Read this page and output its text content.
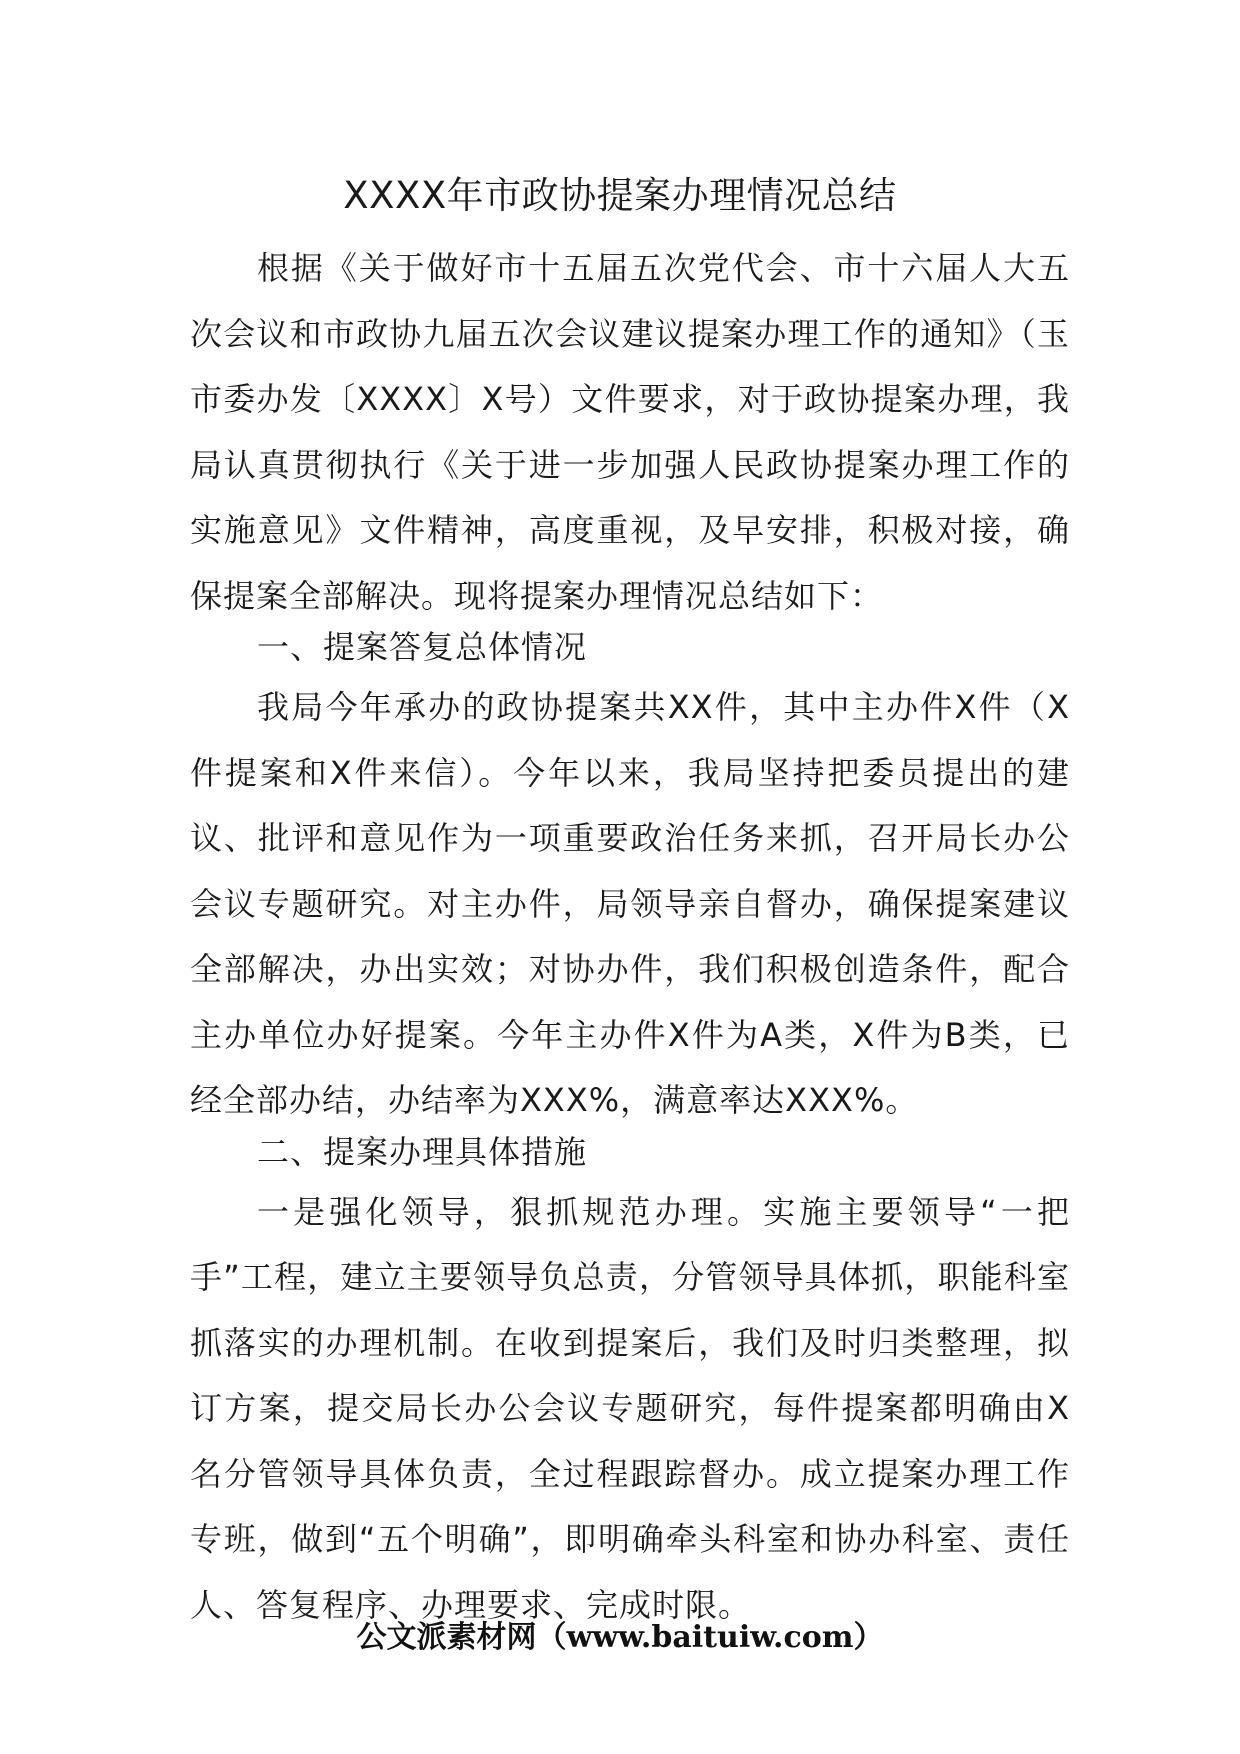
XXXX年市政协提案办理情况总结

根据《关于做好市十五届五次党代会、市十六届人大五次会议和市政协九届五次会议建议提案办理工作的通知》（玉市委办发〔XXXX〕X号）文件要求，对于政协提案办理，我局认真贯彻执行《关于进一步加强人民政协提案办理工作的实施意见》文件精神，高度重视，及早安排，积极对接，确保提案全部解决。现将提案办理情况总结如下：

一、提案答复总体情况

我局今年承办的政协提案共XX件，其中主办件X件（X件提案和X件来信）。今年以来，我局坚持把委员提出的建议、批评和意见作为一项重要政治任务来抓，召开局长办公会议专题研究。对主办件，局领导亲自督办，确保提案建议全部解决，办出实效；对协办件，我们积极创造条件，配合主办单位办好提案。今年主办件X件为A类，X件为B类，已经全部办结，办结率为XXX%，满意率达XXX%。

二、提案办理具体措施

一是强化领导，狠抓规范办理。实施主要领导“一把手”工程，建立主要领导负总责，分管领导具体抓，职能科室抓落实的办理机制。在收到提案后，我们及时归类整理，拟订方案，提交局长办公会议专题研究，每件提案都明确由X名分管领导具体负责，全过程跟踪督办。成立提案办理工作专班，做到“五个明确”，即明确牵头科室和协办科室、责任人、答复程序、办理要求、完成时限。

公文派素材网（www.baituiw.com）
